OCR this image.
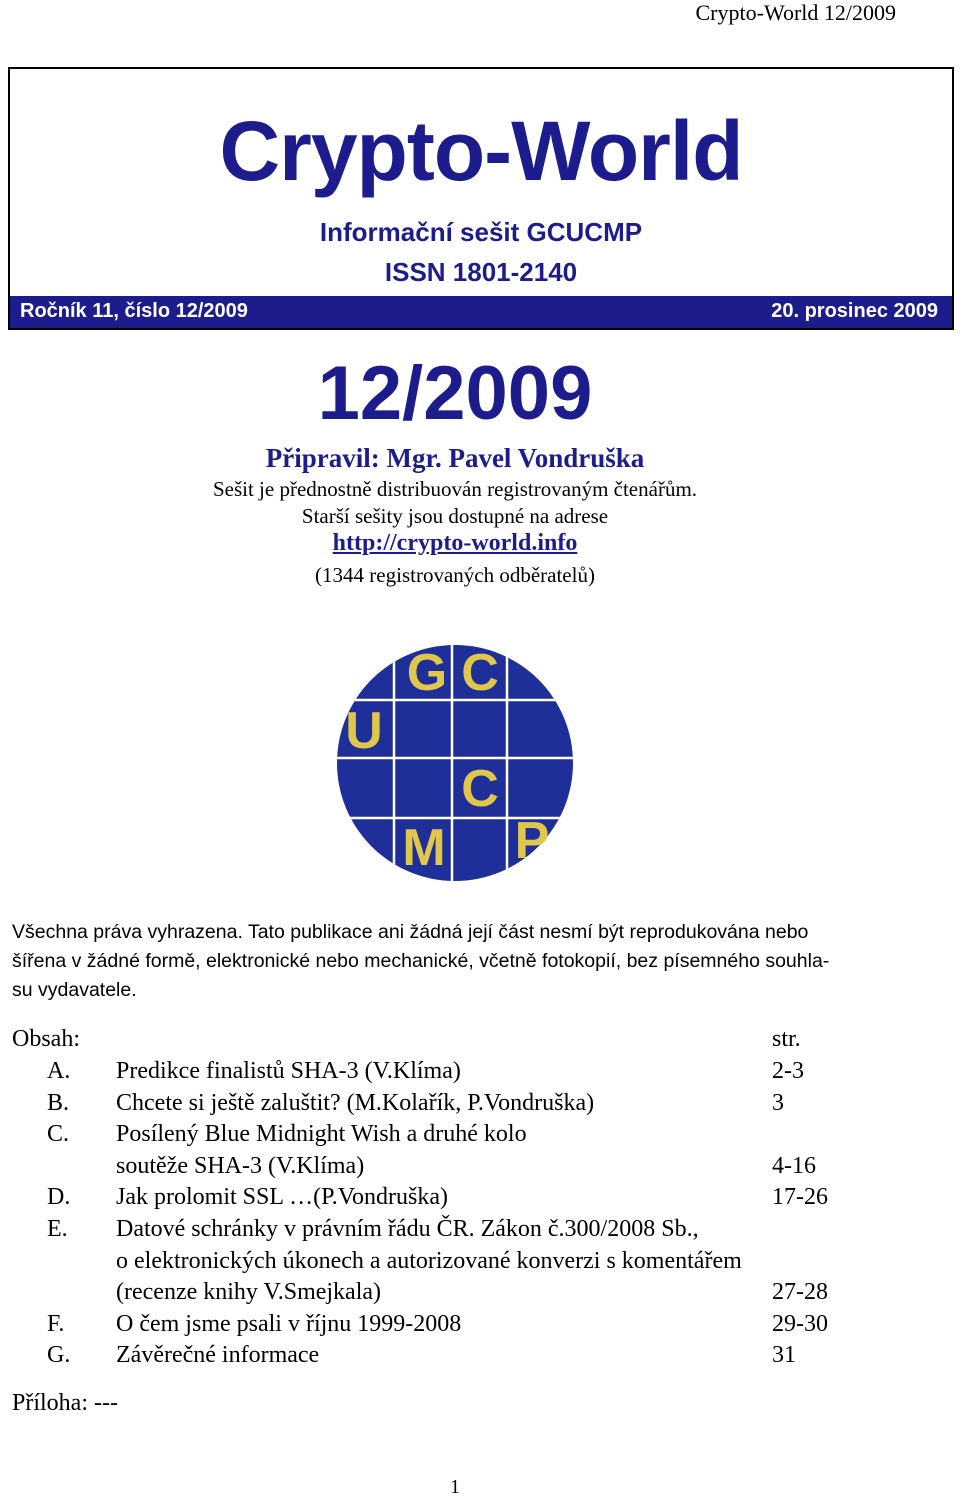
Crypto-World 12/2009
Crypto-World
Informační sešit GCUCMP
ISSN 1801-2140
Ročník 11, číslo 12/2009	20. prosinec 2009
12/2009
Připravil: Mgr. Pavel Vondruška
Sešit je přednostně distribuován registrovaným čtenářům.
Starší sešity jsou dostupné na adrese
http://crypto-world.info
(1344 registrovaných odběratelů)
G C
U
C
M P
Všechna práva vyhrazena. Tato publikace ani žádná její část nesmí být reprodukována nebo
šířena v žádné formě, elektronické nebo mechanické, včetně fotokopií, bez písemného souhla-
su vydavatele.
Obsah:	str.
A. Predikce finalistů SHA-3 (V.Klíma)	2-3
B. Chcete si ještě zaluštit? (M.Kolařík, P.Vondruška)	3
C. Posílený Blue Midnight Wish a druhé kolo
soutěže SHA-3 (V.Klíma)	4-16
D. Jak prolomit SSL …(P.Vondruška)	17-26
E. Datové schránky v právním řádu ČR. Zákon č.300/2008 Sb.,
o elektronických úkonech a autorizované konverzi s komentářem
(recenze knihy V.Smejkala)	27-28
F. O čem jsme psali v říjnu 1999-2008	29-30
G. Závěrečné informace	31
Příloha: ---
1
